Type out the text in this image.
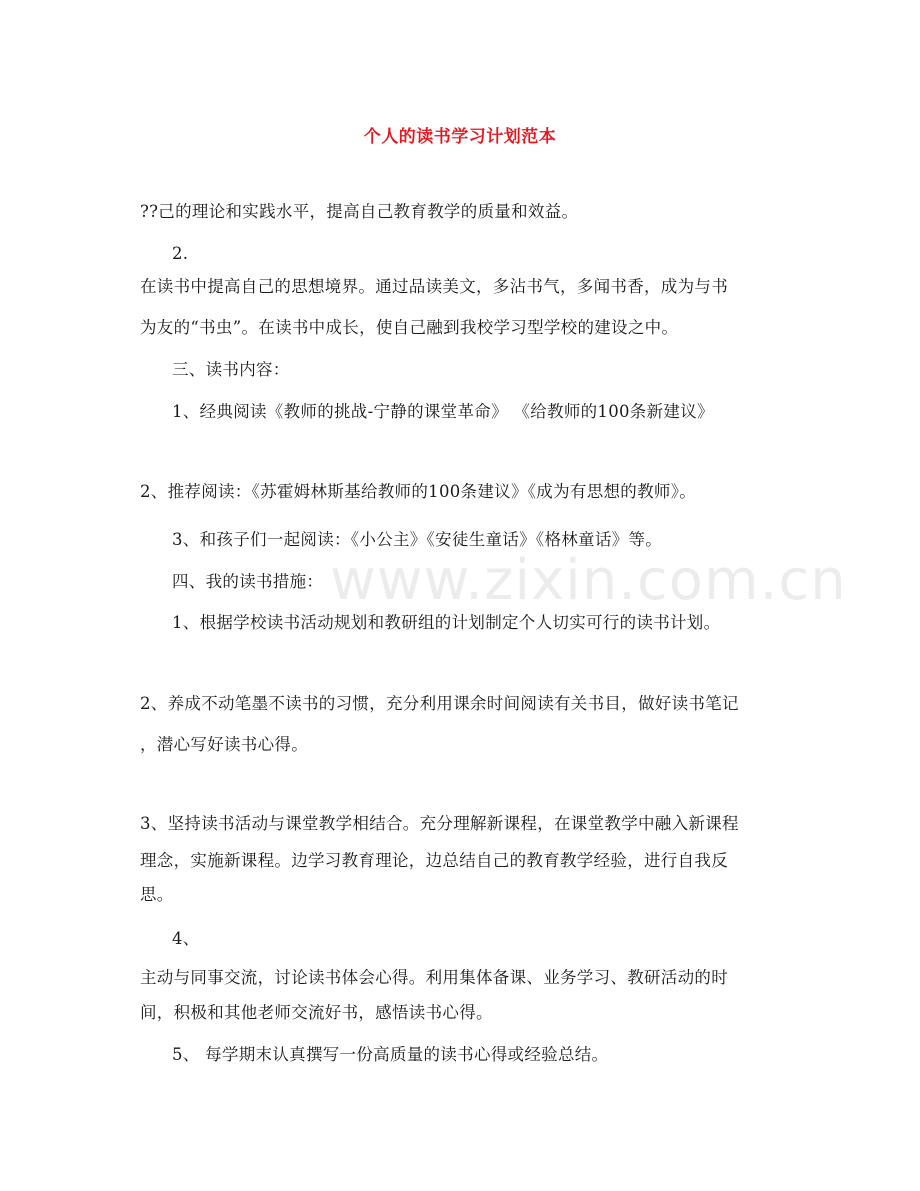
个人的读书学习计划范本
??己的理论和实践水平，提高自己教育教学的质量和效益。
2.
在读书中提高自己的思想境界。通过品读美文，多沾书气，多闻书香，成为与书
为友的“书虫”。在读书中成长，使自己融到我校学习型学校的建设之中。
三、读书内容：
1、经典阅读《教师的挑战-宁静的课堂革命》 《给教师的100条新建议》
2、推荐阅读：《苏霍姆林斯基给教师的100条建议》《成为有思想的教师》。
3、和孩子们一起阅读：《小公主》《安徒生童话》《格林童话》等。
四、我的读书措施：
1、根据学校读书活动规划和教研组的计划制定个人切实可行的读书计划。
2、养成不动笔墨不读书的习惯，充分利用课余时间阅读有关书目，做好读书笔记
，潜心写好读书心得。
3、坚持读书活动与课堂教学相结合。充分理解新课程，在课堂教学中融入新课程
理念，实施新课程。边学习教育理论，边总结自己的教育教学经验，进行自我反
思。
4、
主动与同事交流，讨论读书体会心得。利用集体备课、业务学习、教研活动的时
间，积极和其他老师交流好书，感悟读书心得。
5、 每学期末认真撰写一份高质量的读书心得或经验总结。
www.zixin.com.cn
